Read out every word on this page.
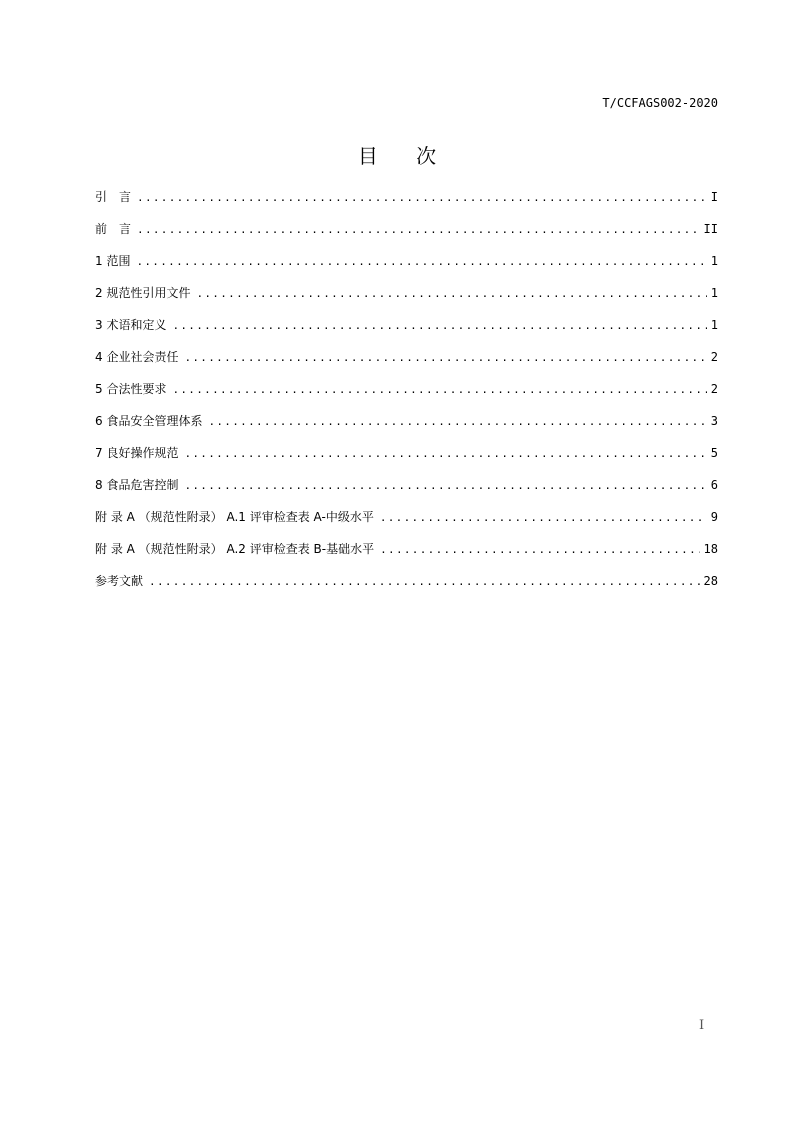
T/CCFAGS002-2020
目 次
引　言 .....	I
前　言 .....	II
1 范围 .....	1
2 规范性引用文件 .....	1
3 术语和定义 .....	1
4 企业社会责任 .....	2
5 合法性要求 .....	2
6 食品安全管理体系 .....	3
7 良好操作规范 .....	5
8 食品危害控制 .....	6
附 录 A （规范性附录） A.1 评审检查表 A-中级水平 .....	9
附 录 A （规范性附录） A.2 评审检查表 B-基础水平 .....	18
参考文献 .....	28
I
